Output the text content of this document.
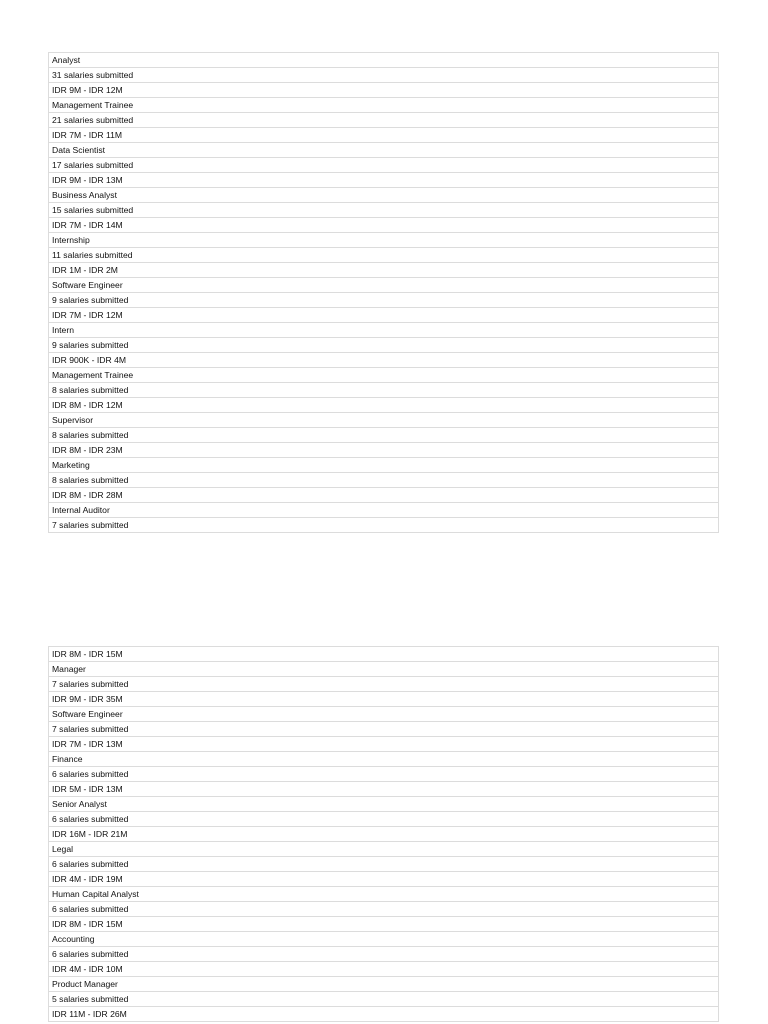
Analyst
31 salaries submitted
IDR 9M - IDR 12M
Management Trainee
21 salaries submitted
IDR 7M - IDR 11M
Data Scientist
17 salaries submitted
IDR 9M - IDR 13M
Business Analyst
15 salaries submitted
IDR 7M - IDR 14M
Internship
11 salaries submitted
IDR 1M - IDR 2M
Software Engineer
9 salaries submitted
IDR 7M - IDR 12M
Intern
9 salaries submitted
IDR 900K - IDR 4M
Management Trainee
8 salaries submitted
IDR 8M - IDR 12M
Supervisor
8 salaries submitted
IDR 8M - IDR 23M
Marketing
8 salaries submitted
IDR 8M - IDR 28M
Internal Auditor
7 salaries submitted
IDR 8M - IDR 15M
Manager
7 salaries submitted
IDR 9M - IDR 35M
Software Engineer
7 salaries submitted
IDR 7M - IDR 13M
Finance
6 salaries submitted
IDR 5M - IDR 13M
Senior Analyst
6 salaries submitted
IDR 16M - IDR 21M
Legal
6 salaries submitted
IDR 4M - IDR 19M
Human Capital Analyst
6 salaries submitted
IDR 8M - IDR 15M
Accounting
6 salaries submitted
IDR 4M - IDR 10M
Product Manager
5 salaries submitted
IDR 11M - IDR 26M
